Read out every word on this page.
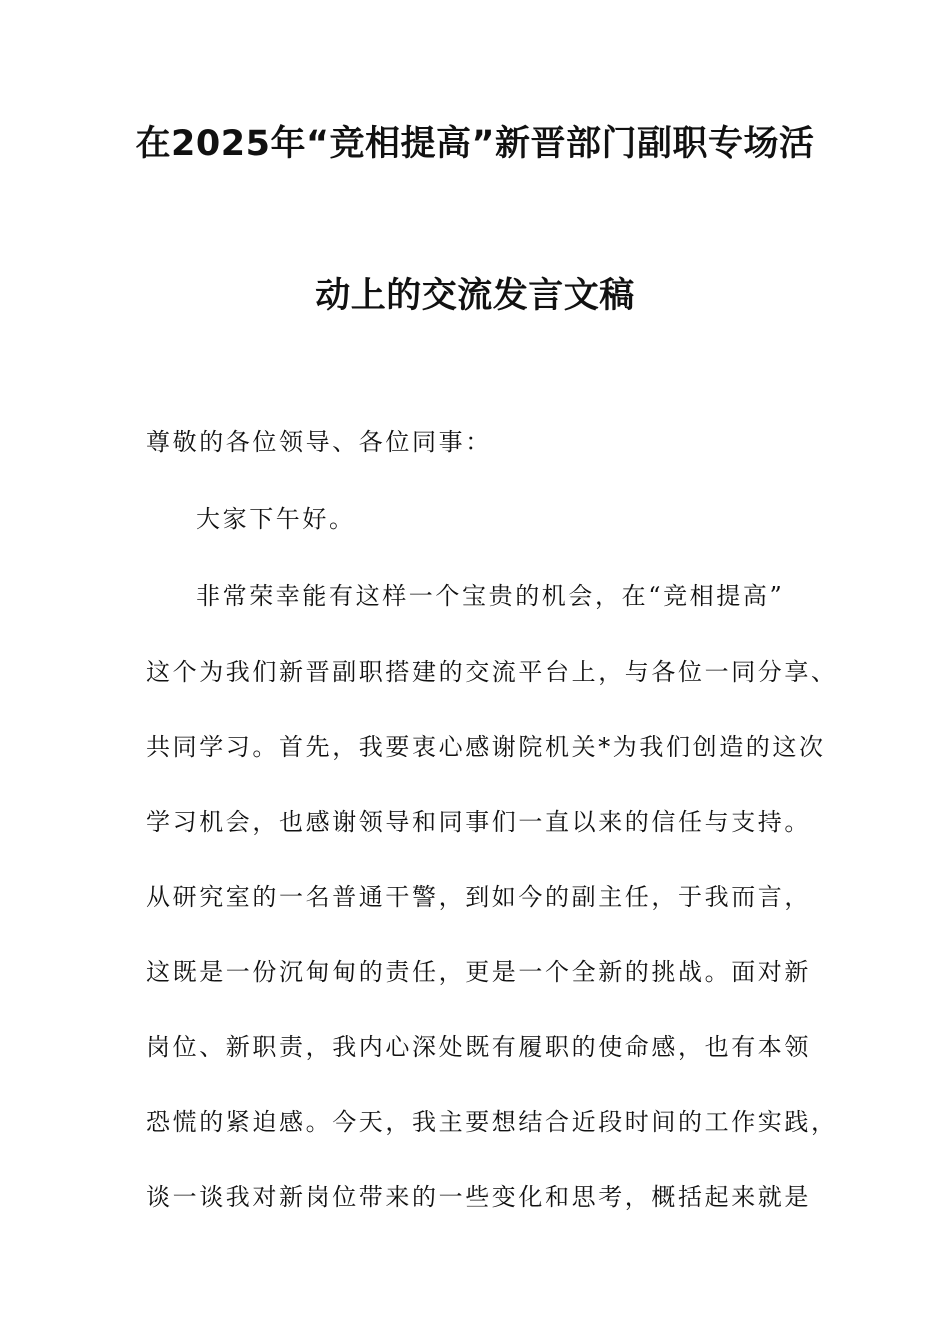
在2025年“竞相提高”新晋部门副职专场活
动上的交流发言文稿
尊敬的各位领导、各位同事：
大家下午好。
非常荣幸能有这样一个宝贵的机会，在“竞相提高”
这个为我们新晋副职搭建的交流平台上，与各位一同分享、
共同学习。首先，我要衷心感谢院机关*为我们创造的这次
学习机会，也感谢领导和同事们一直以来的信任与支持。
从研究室的一名普通干警，到如今的副主任，于我而言，
这既是一份沉甸甸的责任，更是一个全新的挑战。面对新
岗位、新职责，我内心深处既有履职的使命感，也有本领
恐慌的紧迫感。今天，我主要想结合近段时间的工作实践，
谈一谈我对新岗位带来的一些变化和思考，概括起来就是
